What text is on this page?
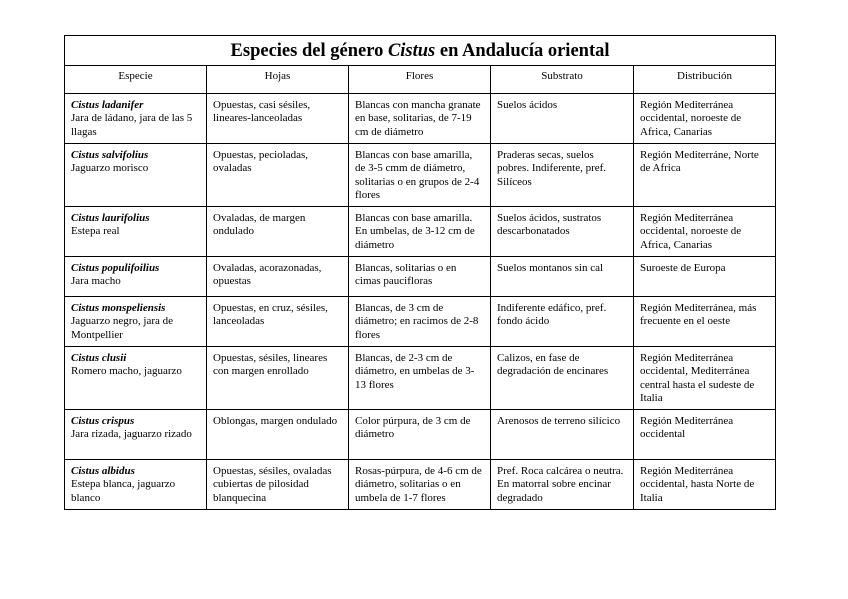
Especies del género Cistus en Andalucía oriental				
Especie	Hojas	Flores	Substrato	Distribución

Cistus ladanifer
Jara de ládano, jara de las 5 llagas	Opuestas, casi sésiles, lineares-lanceoladas	Blancas con mancha granate en base, solitarias, de 7-19 cm de diámetro	Suelos ácidos	Región Mediterránea occidental, noroeste de Africa, Canarias

Cistus salvifolius
Jaguarzo morisco	Opuestas, pecioladas, ovaladas	Blancas con base amarilla, de 3-5 cmm de diámetro, solitarias o en grupos de 2-4 flores	Praderas secas, suelos pobres. Indiferente, pref. Silíceos	Región Mediterráne, Norte de Africa

Cistus laurifolius
Estepa real	Ovaladas, de margen ondulado	Blancas con base amarilla. En umbelas, de 3-12 cm de diámetro	Suelos ácidos, sustratos descarbonatados	Región Mediterránea occidental, noroeste de Africa, Canarias

Cistus populifoilius
Jara macho	Ovaladas, acorazonadas, opuestas	Blancas, solitarias o en cimas paucifloras	Suelos montanos sin cal	Suroeste de Europa

Cistus monspeliensis
Jaguarzo negro, jara de Montpellier	Opuestas, en cruz, sésiles, lanceoladas	Blancas, de 3 cm de diámetro; en racimos de 2-8 flores	Indiferente edáfico, pref. fondo ácido	Región Mediterránea, más frecuente en el oeste

Cistus clusii
Romero macho, jaguarzo	Opuestas, sésiles, lineares con margen enrollado	Blancas, de 2-3 cm de diámetro, en umbelas de 3-13 flores	Calizos, en fase de degradación de encinares	Región Mediterránea occidental, Mediterránea central hasta el sudeste de Italia

Cistus crispus
Jara rizada, jaguarzo rizado	Oblongas, margen ondulado	Color púrpura, de 3 cm de diámetro	Arenosos de terreno silícico	Región Mediterránea occidental

Cistus albidus
Estepa blanca, jaguarzo blanco	Opuestas, sésiles, ovaladas cubiertas de pilosidad blanquecina	Rosas-púrpura, de 4-6 cm de diámetro, solitarias o en umbela de 1-7 flores	Pref. Roca calcárea o neutra. En matorral sobre encinar degradado	Región Mediterránea occidental, hasta Norte de Italia
